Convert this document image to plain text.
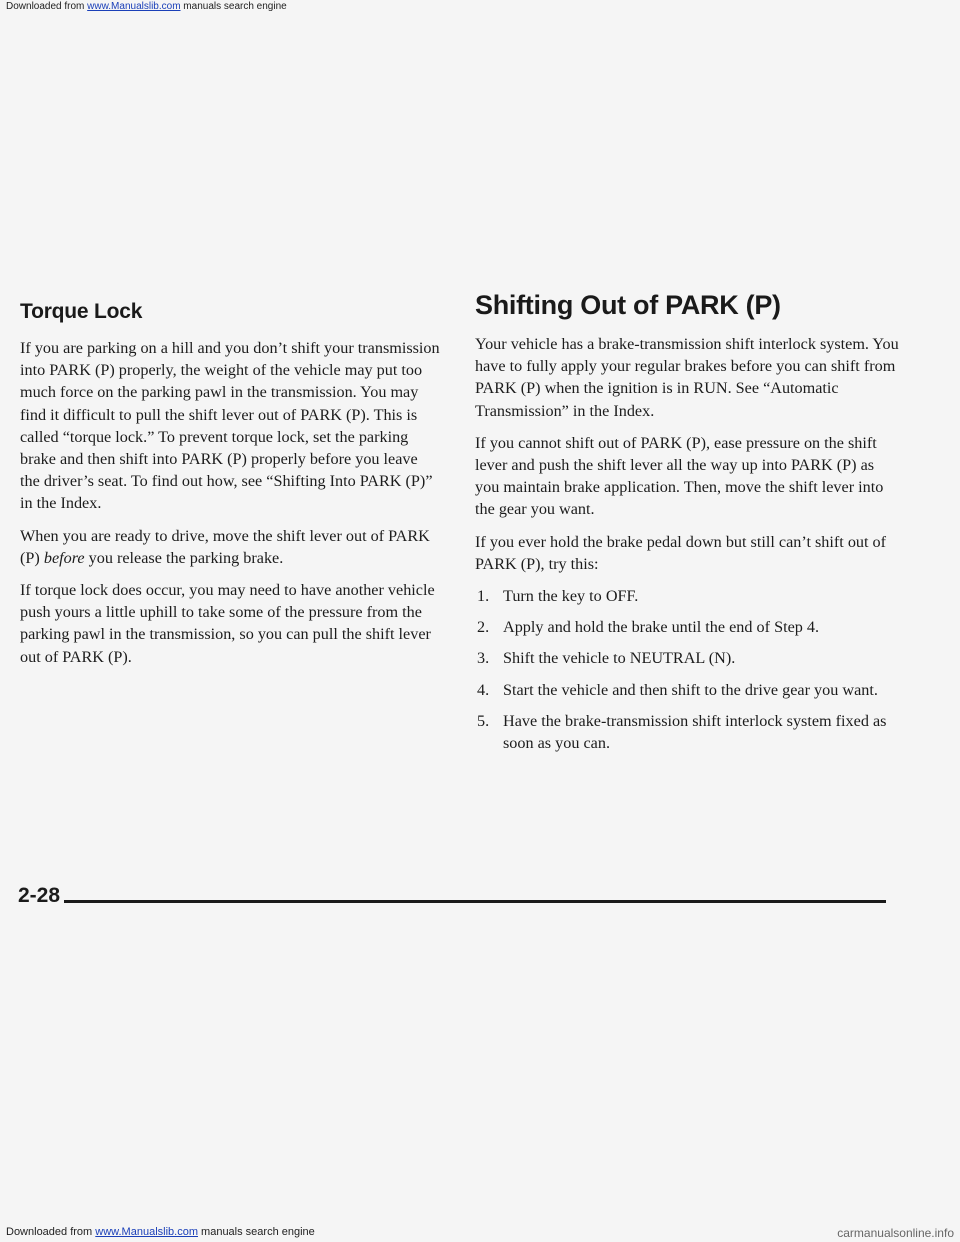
Torque Lock

If you are parking on a hill and you don’t shift your transmission into PARK (P) properly, the weight of the vehicle may put too much force on the parking pawl in the transmission. You may find it difficult to pull the shift lever out of PARK (P). This is called “torque lock.” To prevent torque lock, set the parking brake and then shift into PARK (P) properly before you leave the driver’s seat. To find out how, see “Shifting Into PARK (P)” in the Index.

When you are ready to drive, move the shift lever out of PARK (P) before you release the parking brake.

If torque lock does occur, you may need to have another vehicle push yours a little uphill to take some of the pressure from the parking pawl in the transmission, so you can pull the shift lever out of PARK (P).

Shifting Out of PARK (P)

Your vehicle has a brake-transmission shift interlock system. You have to fully apply your regular brakes before you can shift from PARK (P) when the ignition is in RUN. See “Automatic Transmission” in the Index.

If you cannot shift out of PARK (P), ease pressure on the shift lever and push the shift lever all the way up into PARK (P) as you maintain brake application. Then, move the shift lever into the gear you want.

If you ever hold the brake pedal down but still can’t shift out of PARK (P), try this:

1. Turn the key to OFF.
2. Apply and hold the brake until the end of Step 4.
3. Shift the vehicle to NEUTRAL (N).
4. Start the vehicle and then shift to the drive gear you want.
5. Have the brake-transmission shift interlock system fixed as soon as you can.
2-28
Downloaded from www.Manualslib.com manuals search engine
Downloaded from www.Manualslib.com manuals search engine	carmanualsonline.info
